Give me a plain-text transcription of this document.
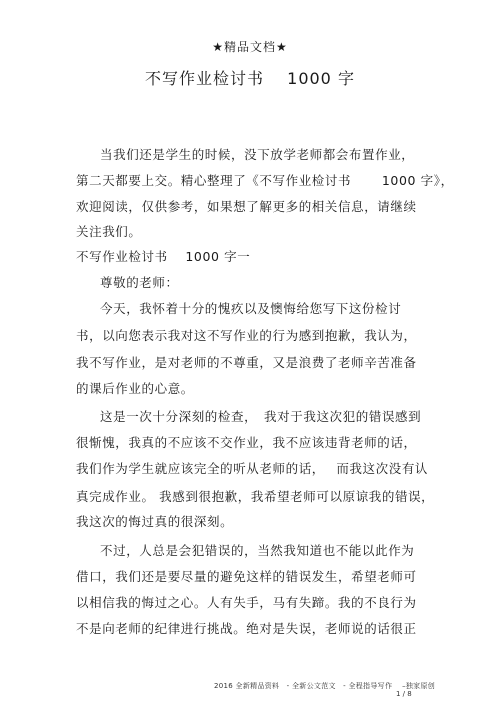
★精品文档★
不写作业检讨书　 1000 字
当我们还是学生的时候，没下放学老师都会布置作业，
第二天都要上交。精心整理了《不写作业检讨书　　 1000 字》，
欢迎阅读，仅供参考，如果想了解更多的相关信息，请继续
关注我们。
不写作业检讨书　 1000 字一
尊敬的老师：
今天，我怀着十分的愧疚以及懊悔给您写下这份检讨
书，以向您表示我对这不写作业的行为感到抱歉，我认为，
我不写作业，是对老师的不尊重，又是浪费了老师辛苦准备
的课后作业的心意。
这是一次十分深刻的检查，　我对于我这次犯的错误感到
很惭愧，我真的不应该不交作业，我不应该违背老师的话，
我们作为学生就应该完全的听从老师的话，　 而我这次没有认
真完成作业。 我感到很抱歉，我希望老师可以原谅我的错误，
我这次的悔过真的很深刻。
不过，人总是会犯错误的，当然我知道也不能以此作为
借口，我们还是要尽量的避免这样的错误发生，希望老师可
以相信我的悔过之心。人有失手，马有失蹄。我的不良行为
不是向老师的纪律进行挑战。绝对是失误，老师说的话很正
2016 全新精品资料　- 全新公文范文　- 全程指导写作　 –独家原创
1 / 8
